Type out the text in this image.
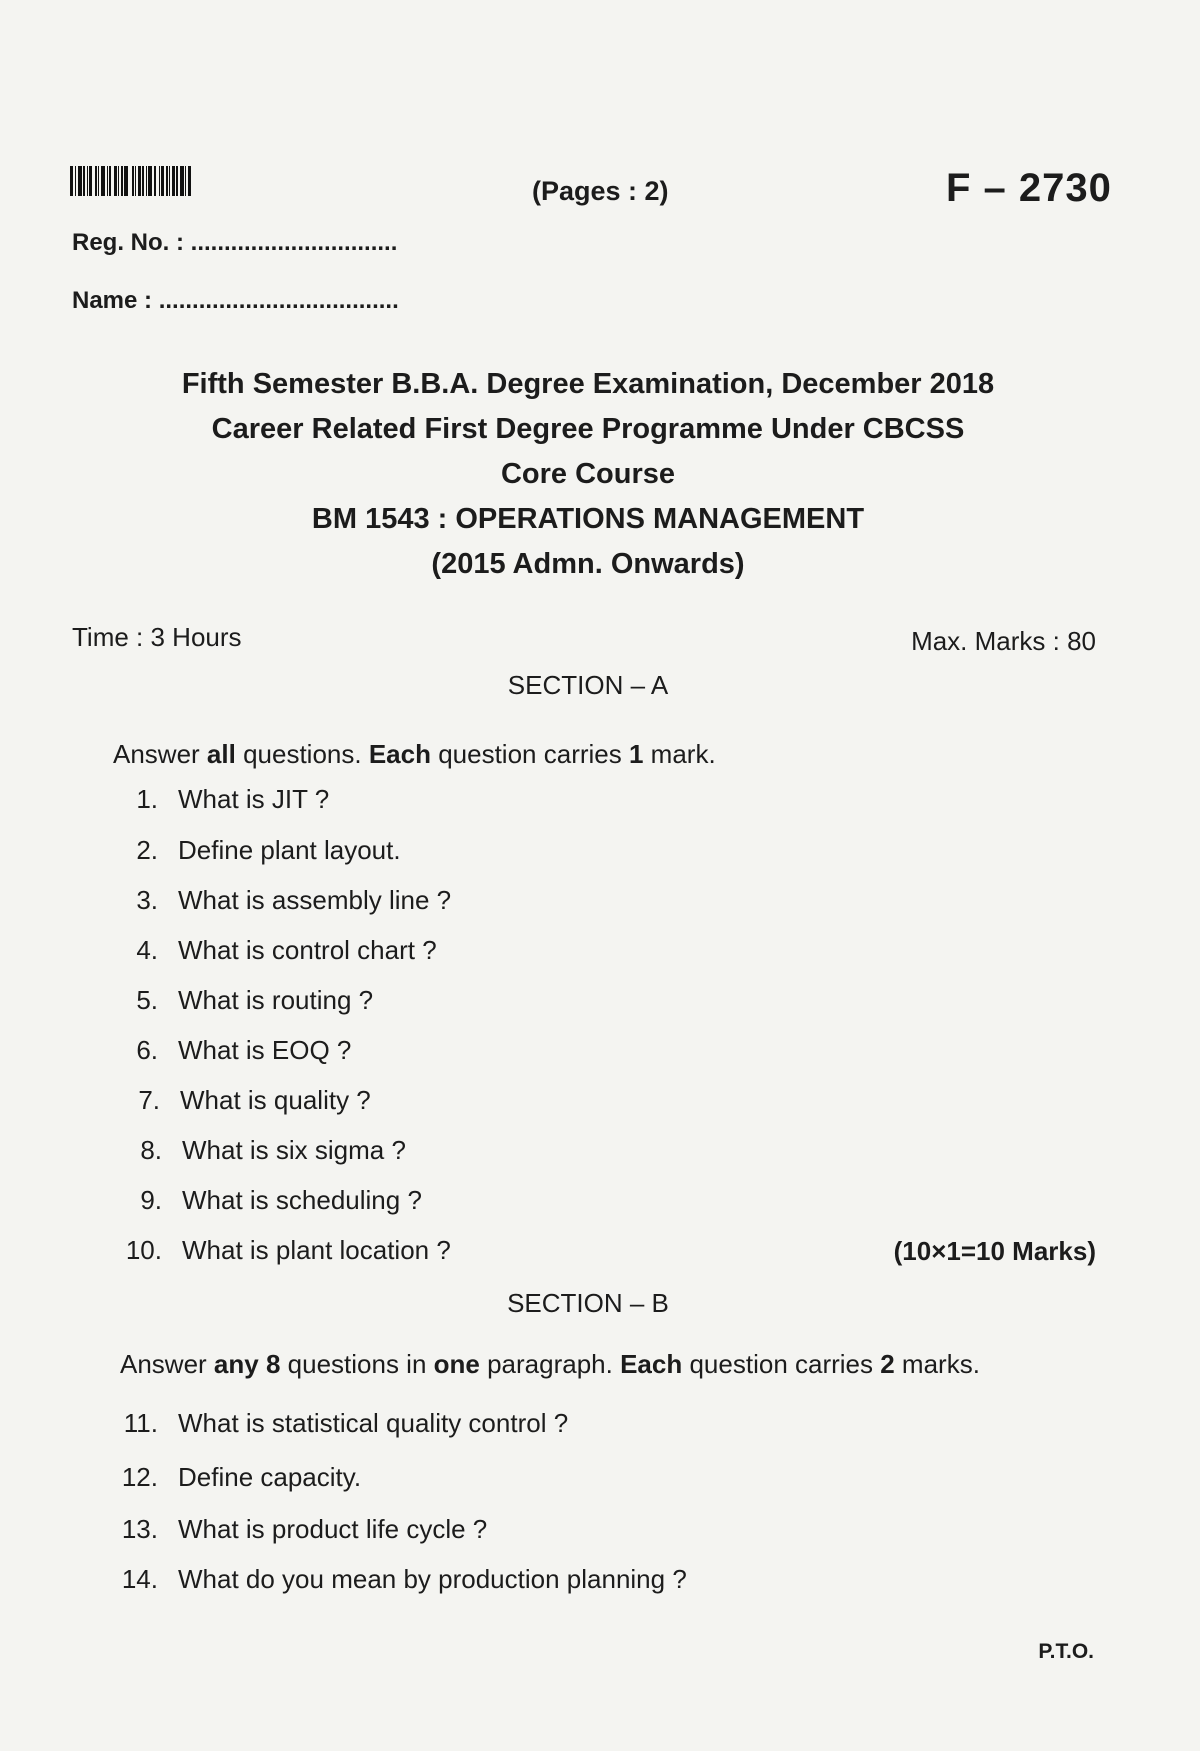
(Pages : 2)	F – 2730
Reg. No. : ...............................
Name : ....................................
Fifth Semester B.B.A. Degree Examination, December 2018
Career Related First Degree Programme Under CBCSS
Core Course
BM 1543 : OPERATIONS MANAGEMENT
(2015 Admn. Onwards)
Time : 3 Hours	Max. Marks : 80
SECTION – A
Answer all questions. Each question carries 1 mark.
1. What is JIT ?
2. Define plant layout.
3. What is assembly line ?
4. What is control chart ?
5. What is routing ?
6. What is EOQ ?
7. What is quality ?
8. What is six sigma ?
9. What is scheduling ?
10. What is plant location ?	(10×1=10 Marks)
SECTION – B
Answer any 8 questions in one paragraph. Each question carries 2 marks.
11. What is statistical quality control ?
12. Define capacity.
13. What is product life cycle ?
14. What do you mean by production planning ?
P.T.O.
